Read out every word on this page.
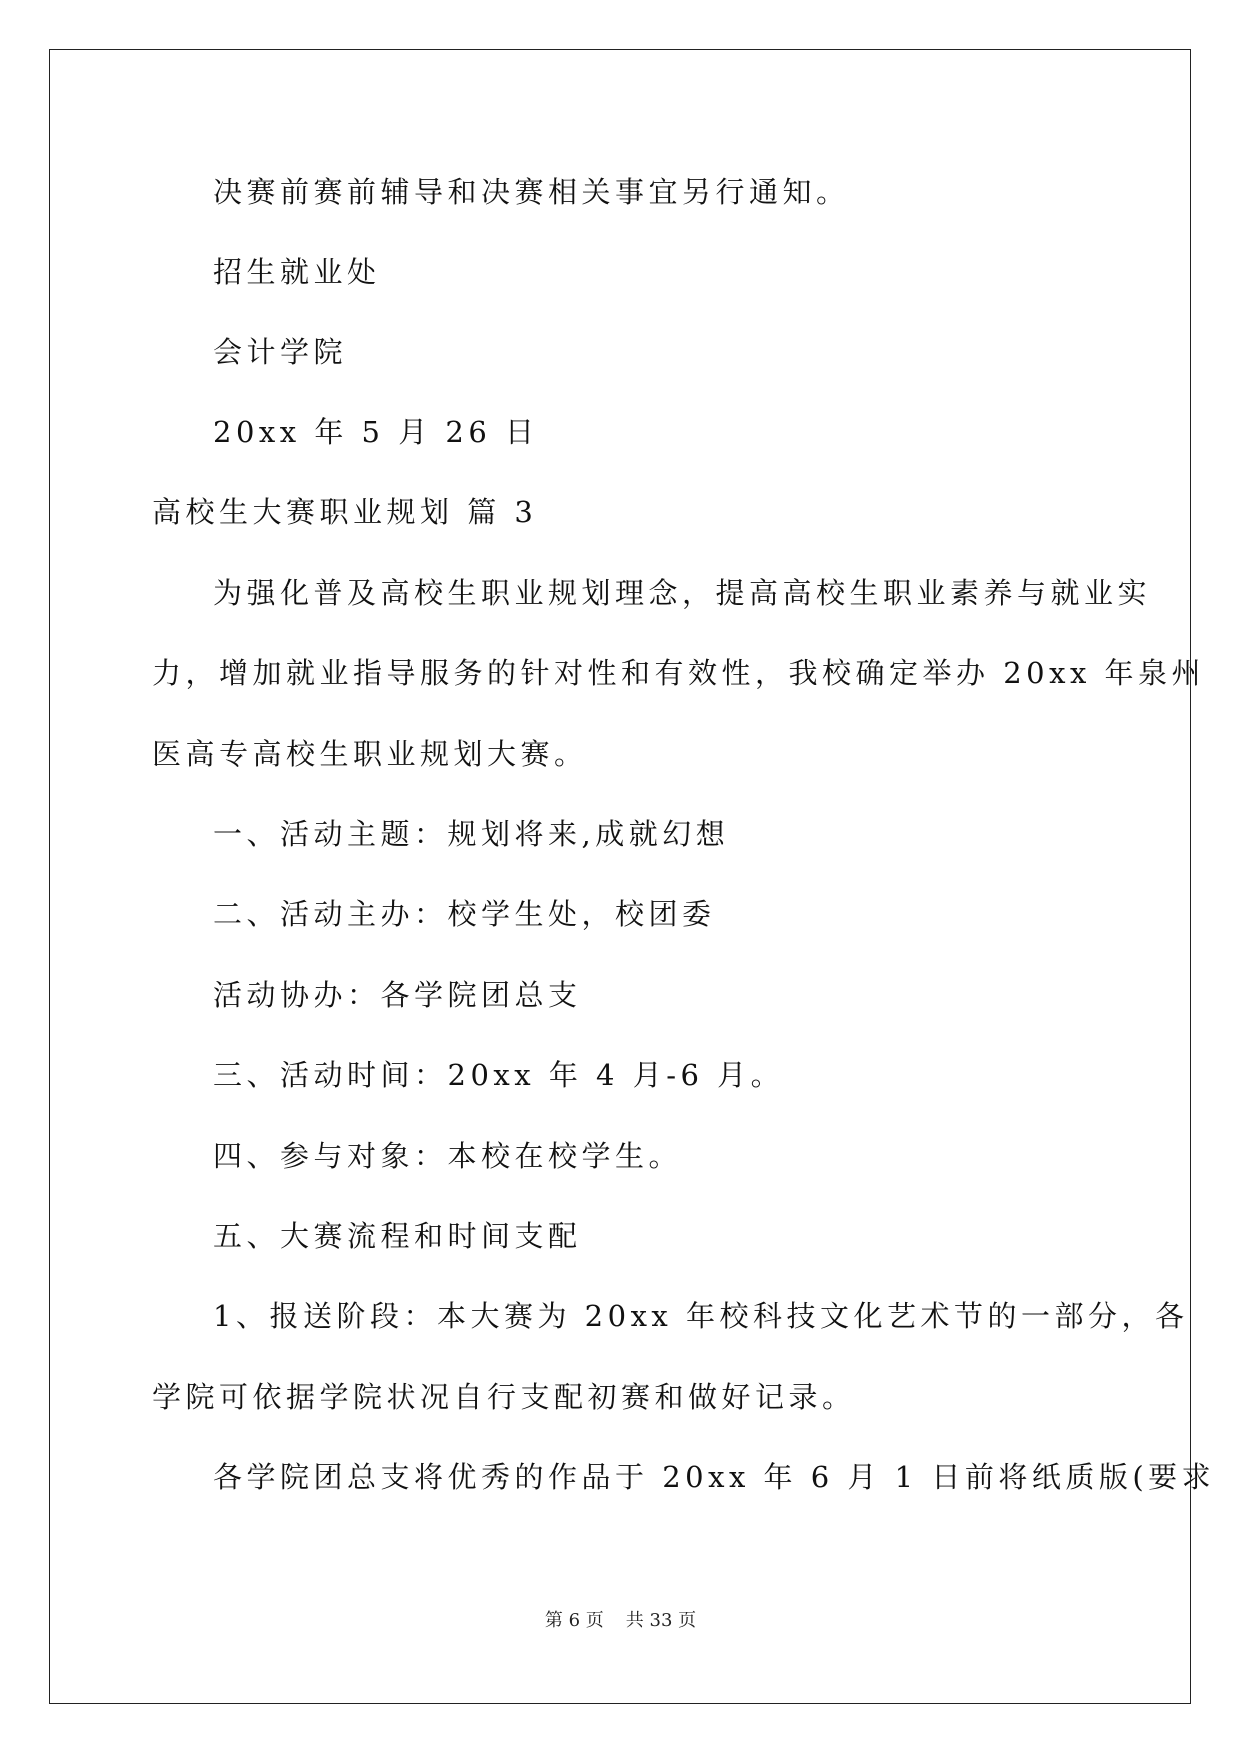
决赛前赛前辅导和决赛相关事宜另行通知。
招生就业处
会计学院
20xx 年 5 月 26 日
高校生大赛职业规划 篇 3
为强化普及高校生职业规划理念，提高高校生职业素养与就业实
力，增加就业指导服务的针对性和有效性，我校确定举办 20xx 年泉州
医高专高校生职业规划大赛。
一、活动主题：规划将来,成就幻想
二、活动主办：校学生处，校团委
活动协办：各学院团总支
三、活动时间：20xx 年 4 月-6 月。
四、参与对象：本校在校学生。
五、大赛流程和时间支配
1、报送阶段：本大赛为 20xx 年校科技文化艺术节的一部分，各
学院可依据学院状况自行支配初赛和做好记录。
各学院团总支将优秀的作品于 20xx 年 6 月 1 日前将纸质版(要求
第 6 页 共 33 页
